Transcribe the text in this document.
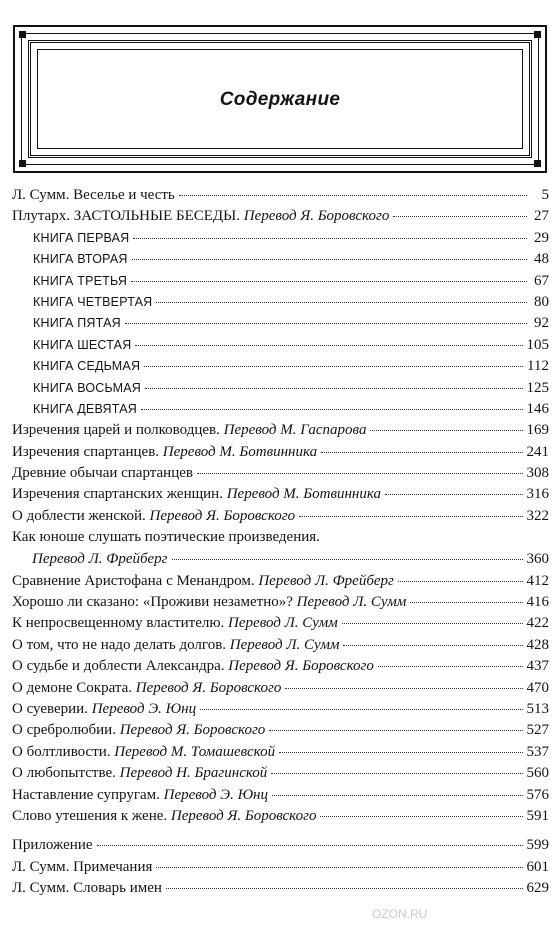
Содержание
Л. Сумм. Веселье и честь	5
Плутарх. ЗАСТОЛЬНЫЕ БЕСЕДЫ. Перевод Я. Боровского	27
КНИГА ПЕРВАЯ	29
КНИГА ВТОРАЯ	48
КНИГА ТРЕТЬЯ	67
КНИГА ЧЕТВЕРТАЯ	80
КНИГА ПЯТАЯ	92
КНИГА ШЕСТАЯ	105
КНИГА СЕДЬМАЯ	112
КНИГА ВОСЬМАЯ	125
КНИГА ДЕВЯТАЯ	146
Изречения царей и полководцев. Перевод М. Гаспарова	169
Изречения спартанцев. Перевод М. Ботвинника	241
Древние обычаи спартанцев	308
Изречения спартанских женщин. Перевод М. Ботвинника	316
О доблести женской. Перевод Я. Боровского	322
Как юноше слушать поэтические произведения.
Перевод Л. Фрейберг	360
Сравнение Аристофана с Менандром. Перевод Л. Фрейберг	412
Хорошо ли сказано: «Проживи незаметно»? Перевод Л. Сумм	416
К непросвещенному властителю. Перевод Л. Сумм	422
О том, что не надо делать долгов. Перевод Л. Сумм	428
О судьбе и доблести Александра. Перевод Я. Боровского	437
О демоне Сократа. Перевод Я. Боровского	470
О суеверии. Перевод Э. Юнц	513
О сребролюбии. Перевод Я. Боровского	527
О болтливости. Перевод М. Томашевской	537
О любопытстве. Перевод Н. Брагинской	560
Наставление супругам. Перевод Э. Юнц	576
Слово утешения к жене. Перевод Я. Боровского	591
Приложение	599
Л. Сумм. Примечания	601
Л. Сумм. Словарь имен	629
OZON.RU
